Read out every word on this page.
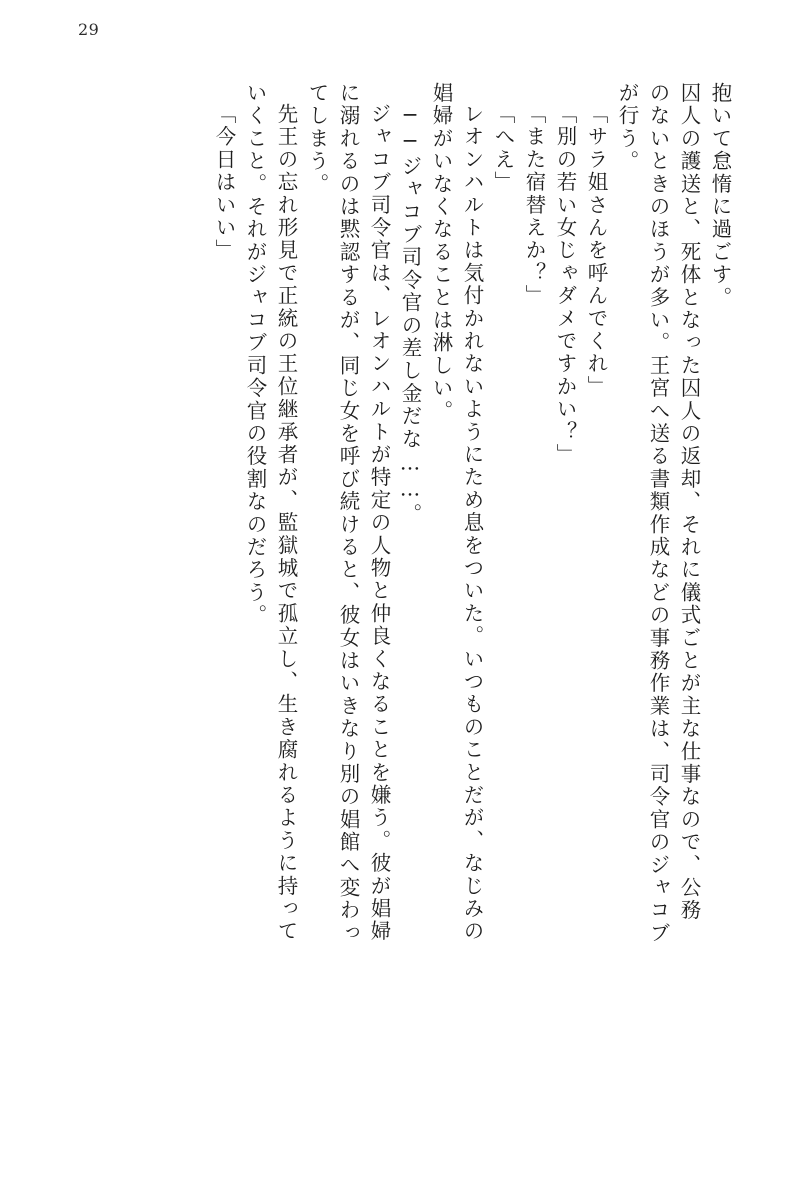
29
抱いて怠惰に過ごす。
囚人の護送と、死体となった囚人の返却、それに儀式ごとが主な仕事なので、公務
のないときのほうが多い。王宮へ送る書類作成などの事務作業は、司令官のジャコブ
が行う。
「サラ姐さんを呼んでくれ」
「別の若い女じゃダメですかい？」
「また宿替えか？」
「へえ」
レオンハルトは気付かれないようにため息をついた。いつものことだが、なじみの
娼婦がいなくなることは淋しい。
──ジャコブ司令官の差し金だな……。
ジャコブ司令官は、レオンハルトが特定の人物と仲良くなることを嫌う。彼が娼婦
に溺れるのは黙認するが、同じ女を呼び続けると、彼女はいきなり別の娼館へ変わっ
てしまう。
先王の忘れ形見で正統の王位継承者が、監獄城で孤立し、生き腐れるように持って
いくこと。それがジャコブ司令官の役割なのだろう。
「今日はいい」
